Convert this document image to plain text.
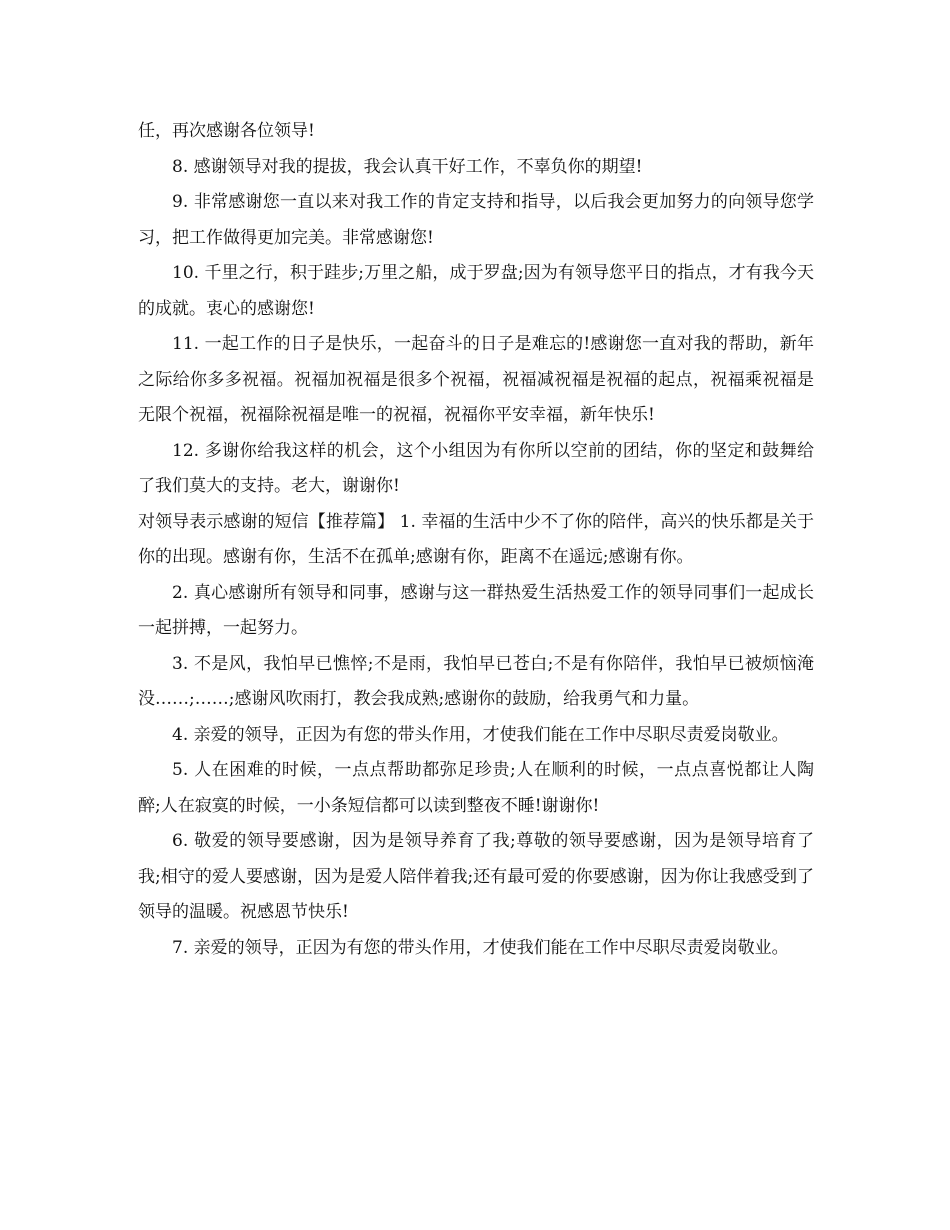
任，再次感谢各位领导!

8. 感谢领导对我的提拔，我会认真干好工作，不辜负你的期望!

9. 非常感谢您一直以来对我工作的肯定支持和指导，以后我会更加努力的向领导您学习，把工作做得更加完美。非常感谢您!

10. 千里之行，积于跬步;万里之船，成于罗盘;因为有领导您平日的指点，才有我今天的成就。衷心的感谢您!

11. 一起工作的日子是快乐，一起奋斗的日子是难忘的!感谢您一直对我的帮助，新年之际给你多多祝福。祝福加祝福是很多个祝福，祝福减祝福是祝福的起点，祝福乘祝福是无限个祝福，祝福除祝福是唯一的祝福，祝福你平安幸福，新年快乐!

12. 多谢你给我这样的机会，这个小组因为有你所以空前的团结，你的坚定和鼓舞给了我们莫大的支持。老大，谢谢你!

对领导表示感谢的短信【推荐篇】 1. 幸福的生活中少不了你的陪伴，高兴的快乐都是关于你的出现。感谢有你，生活不在孤单;感谢有你，距离不在遥远;感谢有你。

2. 真心感谢所有领导和同事，感谢与这一群热爱生活热爱工作的领导同事们一起成长一起拼搏，一起努力。

3. 不是风，我怕早已憔悴;不是雨，我怕早已苍白;不是有你陪伴，我怕早已被烦恼淹没……;……;感谢风吹雨打，教会我成熟;感谢你的鼓励，给我勇气和力量。

4. 亲爱的领导，正因为有您的带头作用，才使我们能在工作中尽职尽责爱岗敬业。

5. 人在困难的时候，一点点帮助都弥足珍贵;人在顺利的时候，一点点喜悦都让人陶醉;人在寂寞的时候，一小条短信都可以读到整夜不睡!谢谢你!

6. 敬爱的领导要感谢，因为是领导养育了我;尊敬的领导要感谢，因为是领导培育了我;相守的爱人要感谢，因为是爱人陪伴着我;还有最可爱的你要感谢，因为你让我感受到了领导的温暖。祝感恩节快乐!

7. 亲爱的领导，正因为有您的带头作用，才使我们能在工作中尽职尽责爱岗敬业。
